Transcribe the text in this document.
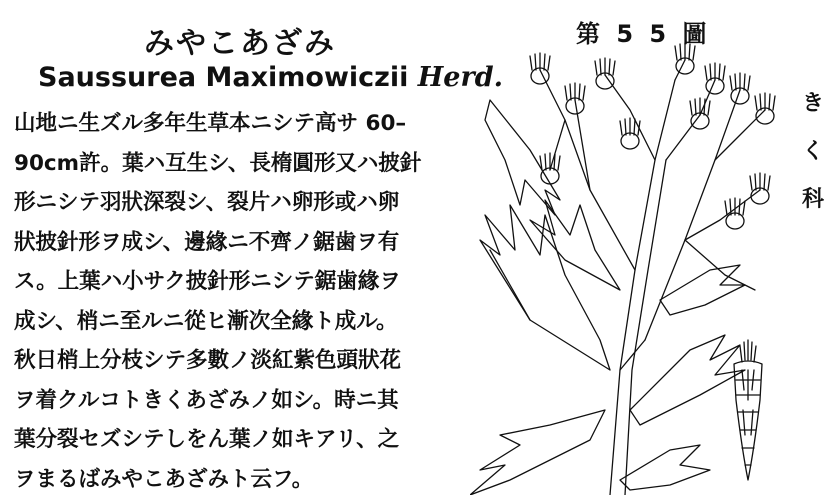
みやこあざみ
Saussurea Maximowiczii Herd.
山地ニ生ズル多年生草本ニシテ高サ 60–
90cm許。葉ハ互生シ、長楕圓形又ハ披針
形ニシテ羽狀深裂シ、裂片ハ卵形或ハ卵
狀披針形ヲ成シ、邊緣ニ不齊ノ鋸歯ヲ有
ス。上葉ハ小サク披針形ニシテ鋸歯緣ヲ
成シ、梢ニ至ルニ從ヒ漸次全緣ト成ル。
秋日梢上分枝シテ多數ノ淡紅紫色頭狀花
ヲ着クルコトきくあざみノ如シ。時ニ其
葉分裂セズシテしをん葉ノ如キアリ、之
ヲまるばみやこあざみト云フ。
第 5 5 圖
き
く
科
